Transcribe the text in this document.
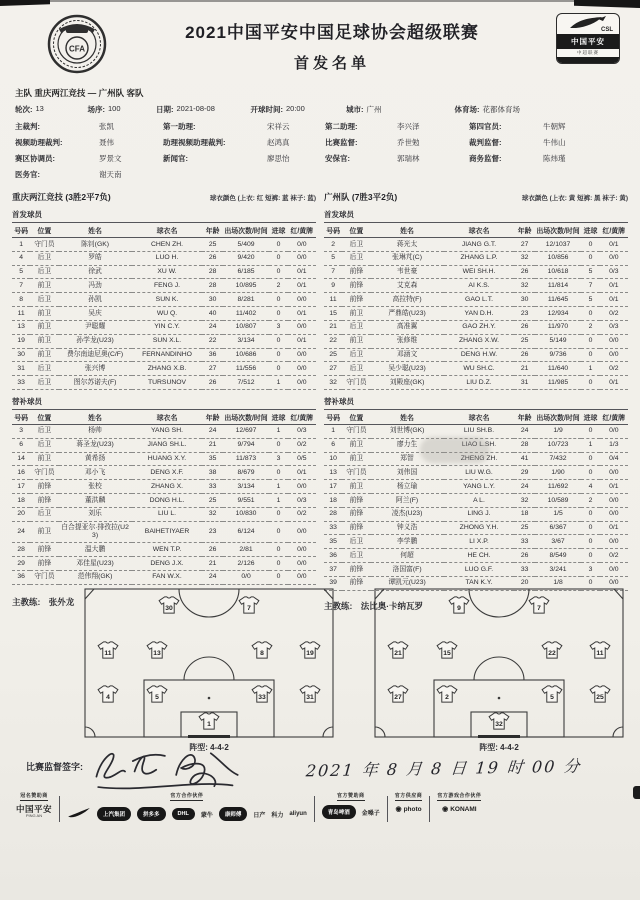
CFA
2021中国平安中国足球协会超级联赛
首发名单
CSL
中国平安
中超联赛
主队 重庆两江竞技 — 广州队 客队
轮次: 13	场序: 100	日期: 2021-08-08	开球时间: 20:00	城市: 广州	体育场: 花都体育场
主裁判:	张凯	第一助理:	宋祥云	第二助理:	李兴泽	第四官员:	牛朝辉
视频助理裁判:	聂伟	助理视频助理裁判:	赵鸿真	比赛监督:	乔世勉	裁判监督:	牛伟山
赛区协调员:	罗景文	新闻官:	廖思怡	安保官:	郭瑞林	商务监督:	陈炜瑾
医务官:	谢天南
重庆两江竞技 (3胜2平7负)	球衣颜色 (上衣: 红 短裤: 蓝 袜子: 蓝)
首发球员
号码	位置	姓名	球衣名	年龄	出场次数/时间	进球	红/黄牌
1	守门员	陈钊(GK)	CHEN ZH.	25	5/409	0	0/0
4	后卫	罗皓	LUO H.	26	9/420	0	0/0
5	后卫	徐武	XU W.	28	6/185	0	0/1
7	前卫	冯劲	FENG J.	28	10/895	2	0/1
8	后卫	孙凯	SUN K.	30	8/281	0	0/0
11	前卫	吴庆	WU Q.	40	11/402	0	0/1
13	前卫	尹聪耀	YIN C.Y.	24	10/807	3	0/0
19	前卫	孙学龙(U23)	SUN X.L.	22	3/134	0	0/1
30	前卫	费尔南迪尼奥(C/F)	FERNANDINHO	36	10/686	0	0/0
31	后卫	张兴博	ZHANG X.B.	27	11/556	0	0/0
33	后卫	图尔苏诺夫(F)	TURSUNOV	26	7/512	1	0/0
替补球员
号码	位置	姓名	球衣名	年龄	出场次数/时间	进球	红/黄牌
3	后卫	杨帅	YANG SH.	24	12/697	1	0/3
6	后卫	蒋圣龙(U23)	JIANG SH.L.	21	9/794	0	0/2
14	前卫	黄希扬	HUANG X.Y.	35	11/873	3	0/5
16	守门员	邓小飞	DENG X.F.	38	8/679	0	0/1
17	前锋	张校	ZHANG X.	33	3/134	1	0/0
18	前锋	董洪麟	DONG H.L.	25	9/551	1	0/3
20	后卫	刘乐	LIU L.	32	10/830	0	0/2
24	前卫	白合提亚尔·排孜拉(U23)	BAIHETIYAER	23	6/124	0	0/0
28	前锋	温大鹏	WEN T.P.	26	2/81	0	0/0
29	前锋	邓佳星(U23)	DENG J.X.	21	2/126	0	0/0
36	守门员	范伟翔(GK)	FAN W.X.	24	0/0	0	0/0
主教练: 张外龙
广州队 (7胜3平2负)	球衣颜色 (上衣: 黄 短裤: 黑 袜子: 黄)
首发球员
号码	位置	姓名	球衣名	年龄	出场次数/时间	进球	红/黄牌
2	后卫	蒋光太	JIANG G.T.	27	12/1037	0	0/1
5	后卫	张琳芃(C)	ZHANG L.P.	32	10/856	0	0/0
7	前锋	韦世豪	WEI SH.H.	26	10/618	5	0/3
9	前锋	艾克森	AI K.S.	32	11/814	7	0/1
11	前锋	高拉特(F)	GAO L.T.	30	11/645	5	0/1
15	前卫	严鼎皓(U23)	YAN D.H.	23	12/934	0	0/2
21	后卫	高准翼	GAO ZH.Y.	26	11/970	2	0/3
22	前卫	张修维	ZHANG X.W.	25	5/149	0	0/0
25	后卫	邓涵文	DENG H.W.	26	9/736	0	0/0
27	后卫	吴少聪(U23)	WU SH.C.	21	11/640	1	0/2
32	守门员	刘殿座(GK)	LIU D.Z.	31	11/985	0	0/1
替补球员
号码	位置	姓名	球衣名	年龄	出场次数/时间	进球	红/黄牌
1	守门员	刘世博(GK)	LIU SH.B.	24	1/9	0	0/0
6	前卫	廖力生	LIAO L.SH.	28	10/723	1	1/3
10	前卫	郑智	ZHENG ZH.	41	7/432	0	0/4
13	守门员	刘伟国	LIU W.G.	29	1/90	0	0/0
17	前卫	杨立瑜	YANG L.Y.	24	11/692	4	0/1
18	前锋	阿兰(F)	A L.	32	10/589	2	0/0
28	前锋	凌杰(U23)	LING J.	18	1/5	0	0/0
33	前锋	钟义浩	ZHONG Y.H.	25	6/367	0	0/1
35	后卫	李学鹏	LI X.P.	33	3/67	0	0/0
36	后卫	何超	HE CH.	26	8/549	0	0/2
37	前锋	洛国富(F)	LUO G.F.	33	3/241	3	0/0
39	前锋	谭凯元(U23)	TAN K.Y.	20	1/8	0	0/0
主教练: 法比奥·卡纳瓦罗
30	7
11	13	8	19
4	5	33	31
1
阵型: 4-4-2
9	7
21	15	22	11
27	2	5	25
32
阵型: 4-4-2
比赛监督签字:	2021 年 8 月 8 日 19 时 00 分
冠名赞助商
中国平安
PING AN
官方合作伙伴
上汽集团	拼多多	DHL	蒙牛	康师傅	日产 科力 aliyun
官方赞助商
青岛啤酒	金嗓子
官方供应商
◉ photo
官方游戏合作伙伴
◉ KONAMI
